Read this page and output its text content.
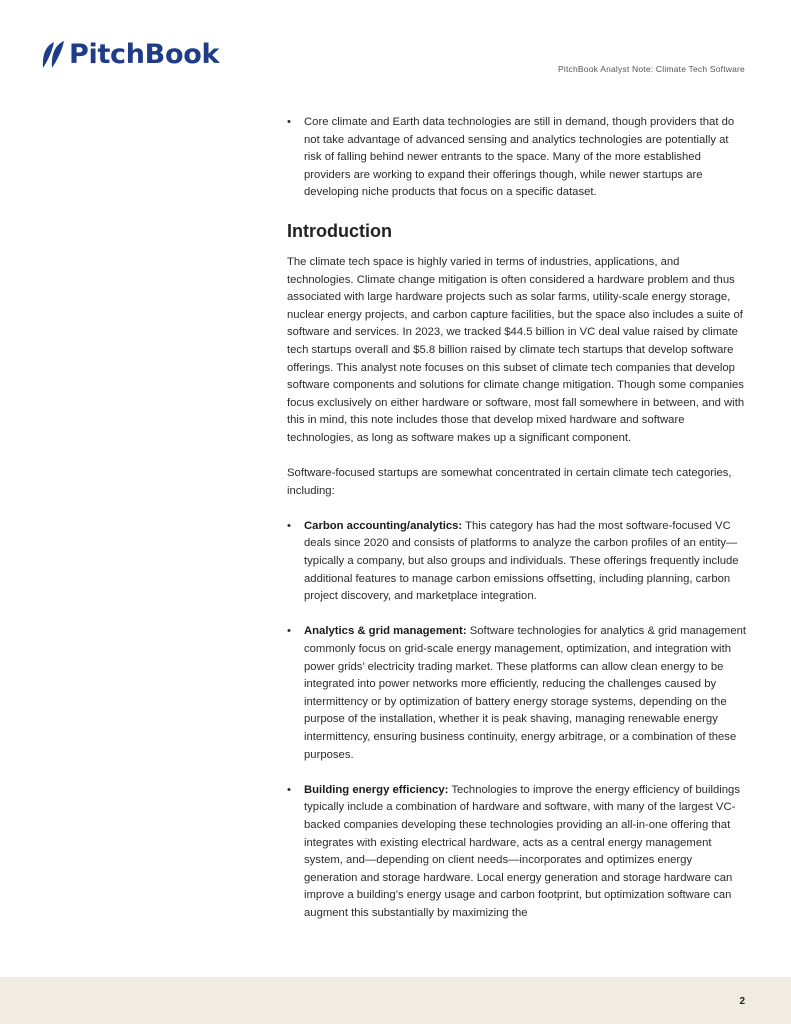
PitchBook	PitchBook Analyst Note: Climate Tech Software
•	Core climate and Earth data technologies are still in demand, though providers that do not take advantage of advanced sensing and analytics technologies are potentially at risk of falling behind newer entrants to the space. Many of the more established providers are working to expand their offerings though, while newer startups are developing niche products that focus on a specific dataset.

Introduction

The climate tech space is highly varied in terms of industries, applications, and technologies. Climate change mitigation is often considered a hardware problem and thus associated with large hardware projects such as solar farms, utility-scale energy storage, nuclear energy projects, and carbon capture facilities, but the space also includes a suite of software and services. In 2023, we tracked $44.5 billion in VC deal value raised by climate tech startups overall and $5.8 billion raised by climate tech startups that develop software offerings. This analyst note focuses on this subset of climate tech companies that develop software components and solutions for climate change mitigation. Though some companies focus exclusively on either hardware or software, most fall somewhere in between, and with this in mind, this note includes those that develop mixed hardware and software technologies, as long as software makes up a significant component.

Software-focused startups are somewhat concentrated in certain climate tech categories, including:

•	Carbon accounting/analytics: This category has had the most software-focused VC deals since 2020 and consists of platforms to analyze the carbon profiles of an entity—typically a company, but also groups and individuals. These offerings frequently include additional features to manage carbon emissions offsetting, including planning, carbon project discovery, and marketplace integration.

•	Analytics & grid management: Software technologies for analytics & grid management commonly focus on grid-scale energy management, optimization, and integration with power grids’ electricity trading market. These platforms can allow clean energy to be integrated into power networks more efficiently, reducing the challenges caused by intermittency or by optimization of battery energy storage systems, depending on the purpose of the installation, whether it is peak shaving, managing renewable energy intermittency, ensuring business continuity, energy arbitrage, or a combination of these purposes.

•	Building energy efficiency: Technologies to improve the energy efficiency of buildings typically include a combination of hardware and software, with many of the largest VC-backed companies developing these technologies providing an all-in-one offering that integrates with existing electrical hardware, acts as a central energy management system, and—depending on client needs—incorporates and optimizes energy generation and storage hardware. Local energy generation and storage hardware can improve a building’s energy usage and carbon footprint, but optimization software can augment this substantially by maximizing the

2
